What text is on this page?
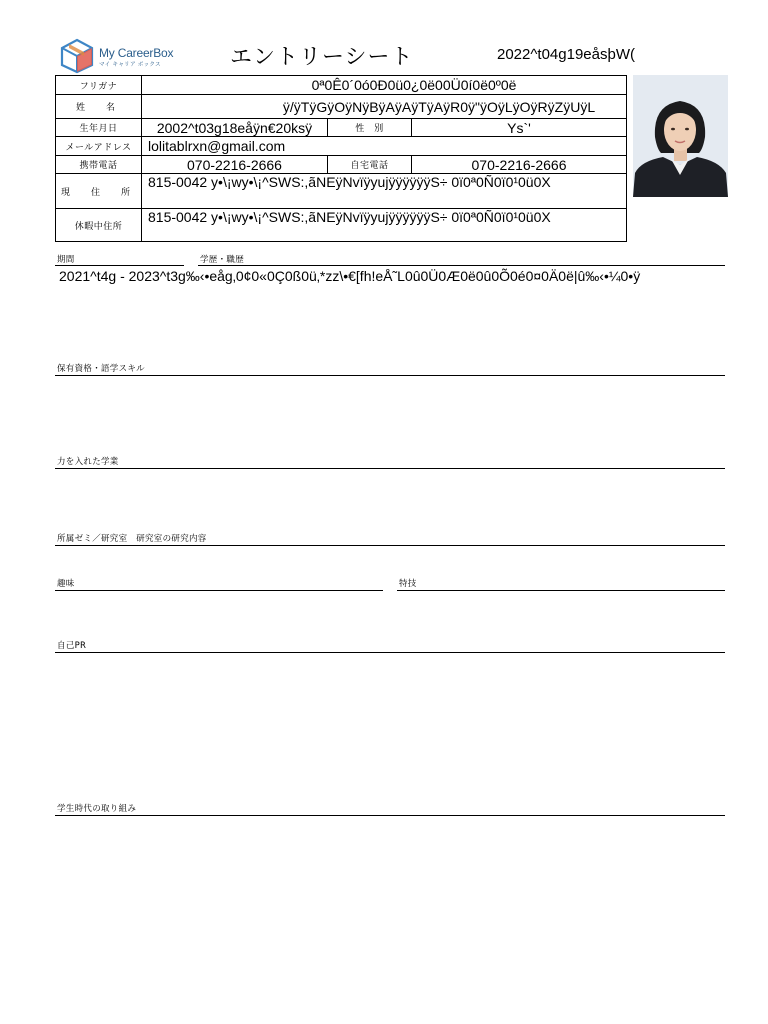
My CareerBox
マイ キャリア ボックス	エントリーシート	2022^t04g19eåsþW(
フリガナ	0ª0Ê0´0ó0Ð0ü0¿0ë00Ü0í0ë0º0ë		
姓　名	ÿ/ÿTÿGÿOÿNÿBÿAÿAÿTÿAÿR0ÿ"ÿOÿLÿOÿRÿZÿUÿL		
生年月日	2002^t03g18eåÿn€20ksÿ	性　別	Ys`'
メールアドレス	lolitablrxn@gmail.com		
携帯電話	070-2216-2666	自宅電話	070-2216-2666
現　住　所	815-0042 y•\¡wy•\¡^SWS:,ãNEÿNvïÿyujÿÿÿÿÿÿS÷ 0ï0ª0Ñ0ï0¹0ü0X		
休暇中住所	815-0042 y•\¡wy•\¡^SWS:,ãNEÿNvïÿyujÿÿÿÿÿÿS÷ 0ï0ª0Ñ0ï0¹0ü0X		
期間	学歴・職歴
2021^t4g - 2023^t3g‰‹•eåg‚0¢0«0Ç0ß0ü‚*zz\•€[fh!eÅ˜L0û0Ü0Æ0ë0û0Õ0é0¤0Ä0ë|û‰‹•¼0•ÿ
保有資格・語学スキル
力を入れた学業
所属ゼミ／研究室　研究室の研究内容
趣味	特技
自己PR
学生時代の取り組み
